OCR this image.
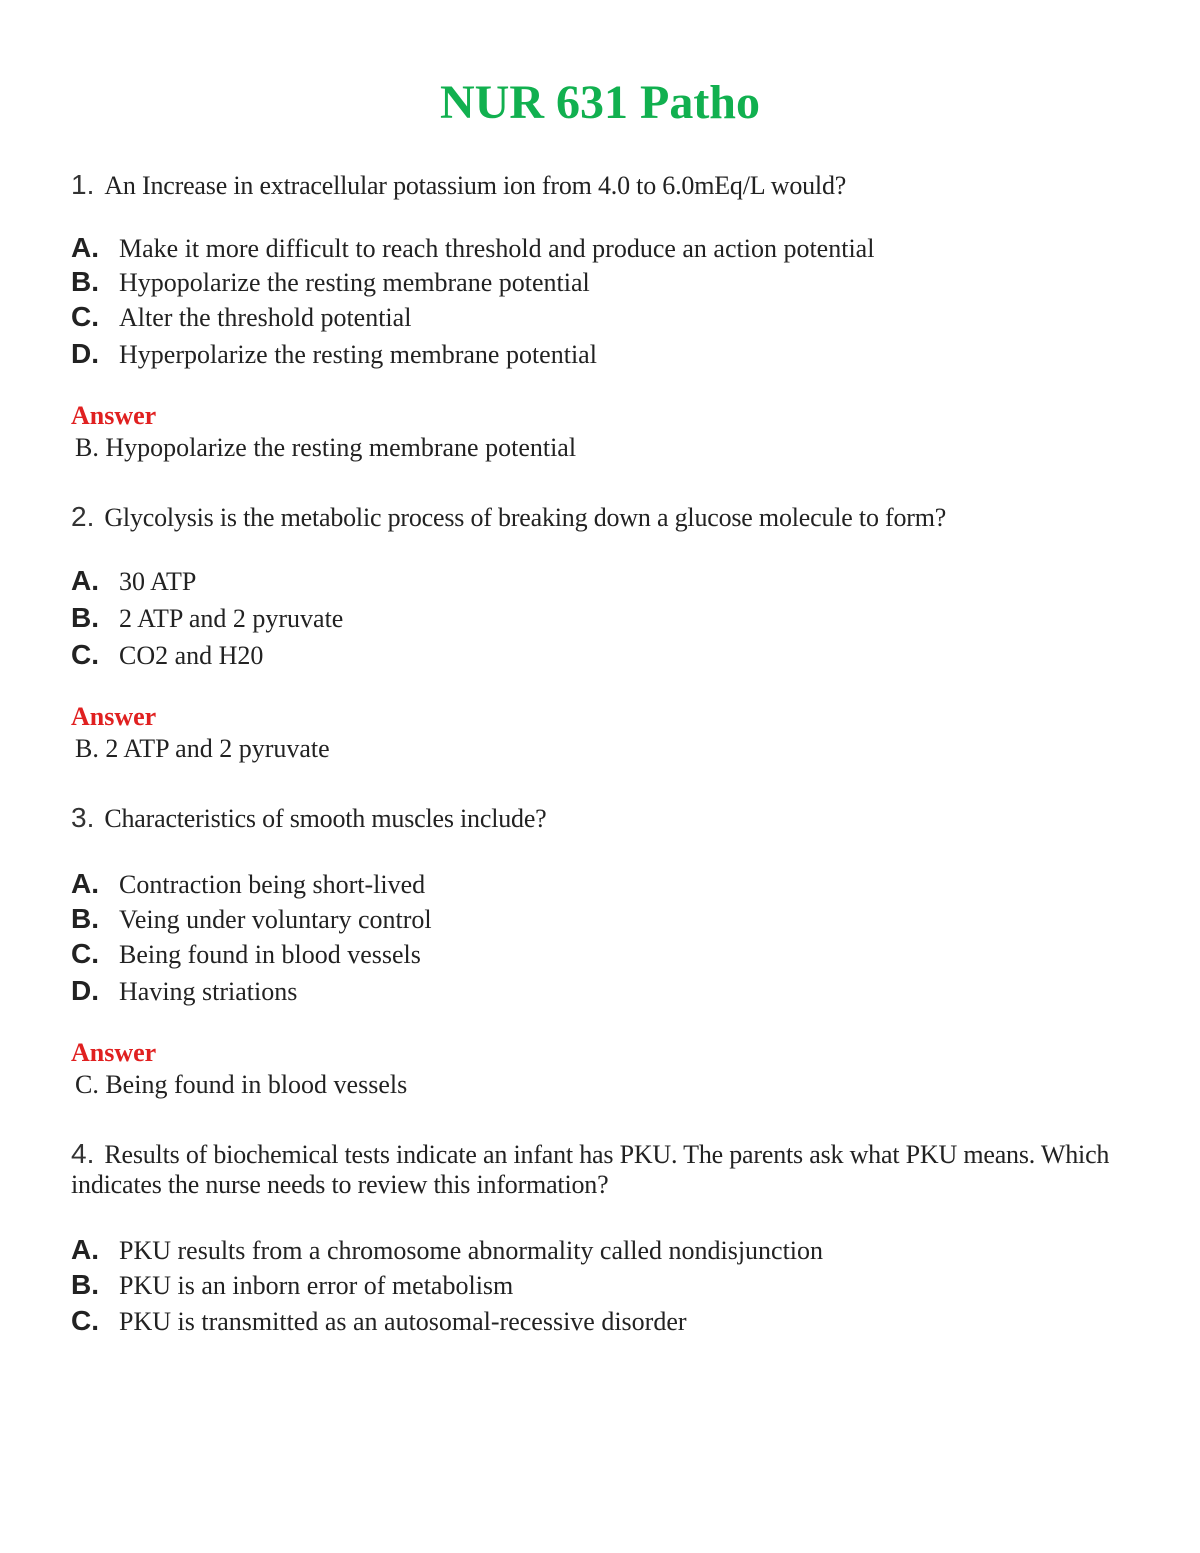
NUR 631 Patho
1. An Increase in extracellular potassium ion from 4.0 to 6.0mEq/L would?
A. Make it more difficult to reach threshold and produce an action potential
B. Hypopolarize the resting membrane potential
C. Alter the threshold potential
D. Hyperpolarize the resting membrane potential
Answer
B. Hypopolarize the resting membrane potential
2. Glycolysis is the metabolic process of breaking down a glucose molecule to form?
A. 30 ATP
B. 2 ATP and 2 pyruvate
C. CO2 and H20
Answer
B. 2 ATP and 2 pyruvate
3. Characteristics of smooth muscles include?
A. Contraction being short-lived
B. Veing under voluntary control
C. Being found in blood vessels
D. Having striations
Answer
C. Being found in blood vessels
4. Results of biochemical tests indicate an infant has PKU. The parents ask what PKU means. Which indicates the nurse needs to review this information?
A. PKU results from a chromosome abnormality called nondisjunction
B. PKU is an inborn error of metabolism
C. PKU is transmitted as an autosomal-recessive disorder
